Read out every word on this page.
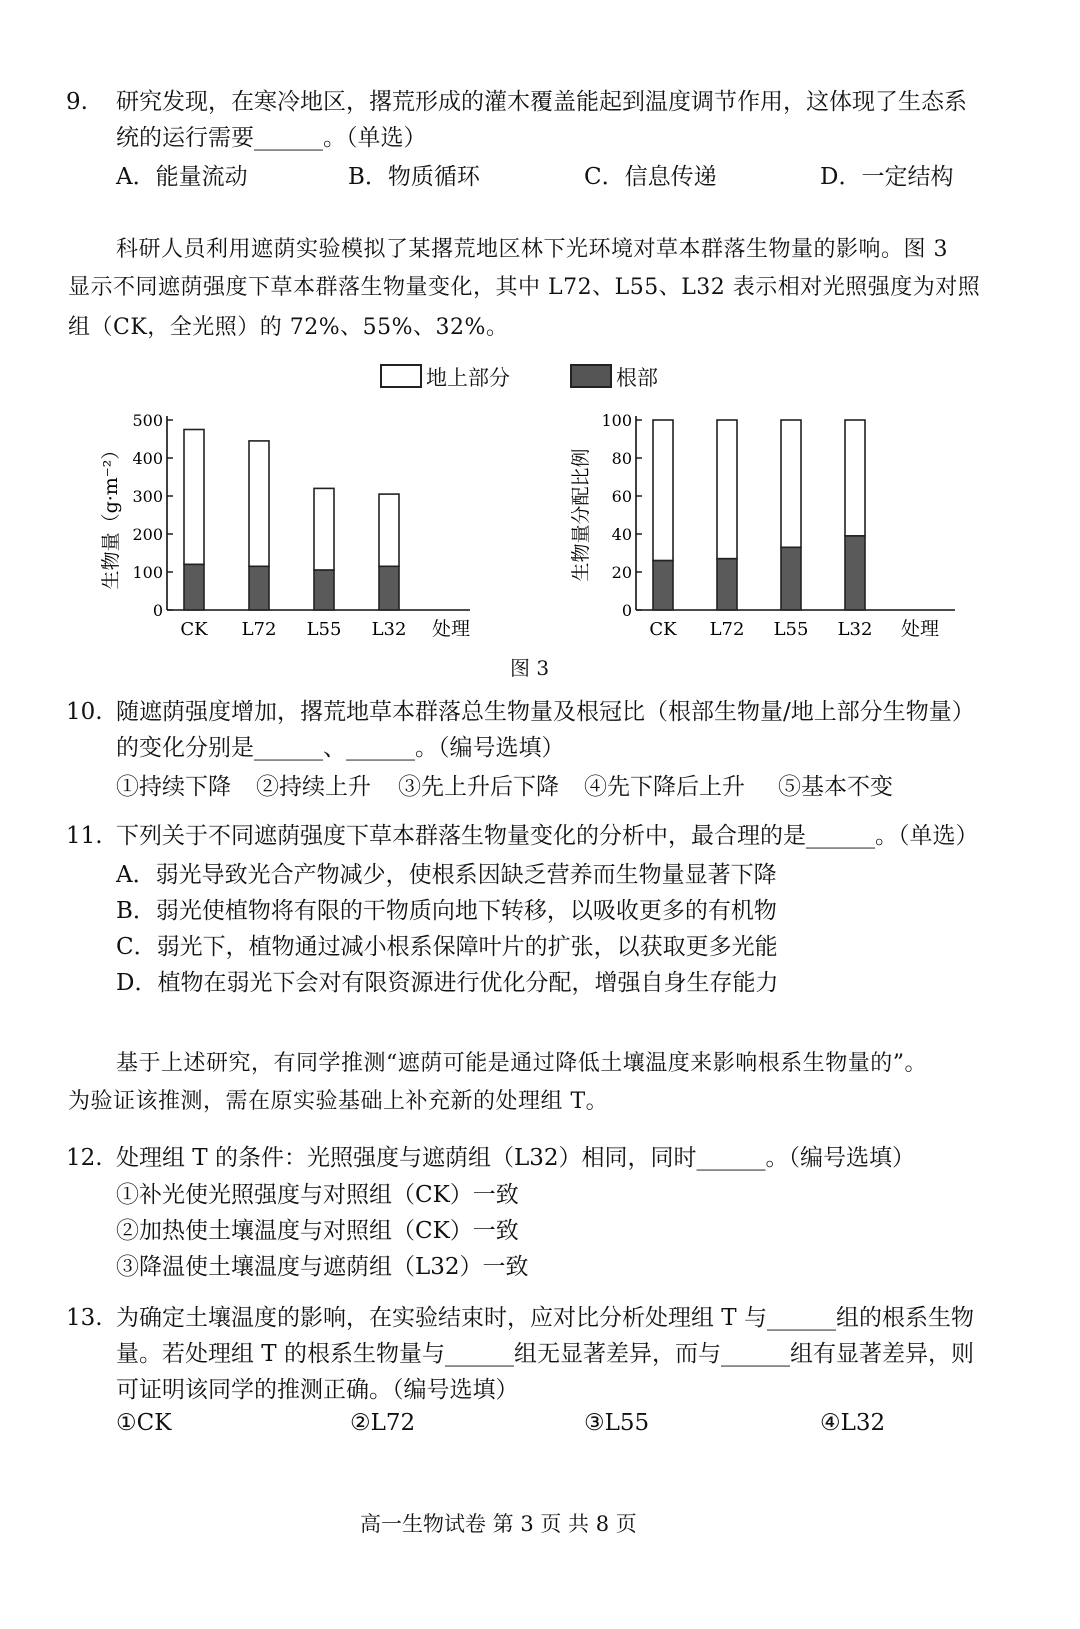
9.	研究发现，在寒冷地区，撂荒形成的灌木覆盖能起到温度调节作用，这体现了生态系
统的运行需要______。（单选）
A．能量流动	B．物质循环	C．信息传递	D．一定结构
科研人员利用遮荫实验模拟了某撂荒地区林下光环境对草本群落生物量的影响。图 3
显示不同遮荫强度下草本群落生物量变化，其中 L72、L55、L32 表示相对光照强度为对照
组（CK，全光照）的 72%、55%、32%。
地上部分	根部
0
100
200
300
400
500
生物量（g·m⁻²）
CK L72 L55 L32 处理
0
20
40
60
80
100
生物量分配比例
CK L72 L55 L32 处理
图 3
10. 随遮荫强度增加，撂荒地草本群落总生物量及根冠比（根部生物量/地上部分生物量）
的变化分别是______、______。（编号选填）
①持续下降 ②持续上升 ③先上升后下降 ④先下降后上升 ⑤基本不变
11. 下列关于不同遮荫强度下草本群落生物量变化的分析中，最合理的是______。（单选）
A．弱光导致光合产物减少，使根系因缺乏营养而生物量显著下降
B．弱光使植物将有限的干物质向地下转移，以吸收更多的有机物
C．弱光下，植物通过减小根系保障叶片的扩张，以获取更多光能
D．植物在弱光下会对有限资源进行优化分配，增强自身生存能力
基于上述研究，有同学推测“遮荫可能是通过降低土壤温度来影响根系生物量的”。
为验证该推测，需在原实验基础上补充新的处理组 T。
12. 处理组 T 的条件：光照强度与遮荫组（L32）相同，同时______。（编号选填）
①补光使光照强度与对照组（CK）一致
②加热使土壤温度与对照组（CK）一致
③降温使土壤温度与遮荫组（L32）一致
13. 为确定土壤温度的影响，在实验结束时，应对比分析处理组 T 与______组的根系生物
量。若处理组 T 的根系生物量与______组无显著差异，而与______组有显著差异，则
可证明该同学的推测正确。（编号选填）
①CK	②L72	③L55	④L32
高一生物试卷 第 3 页 共 8 页
